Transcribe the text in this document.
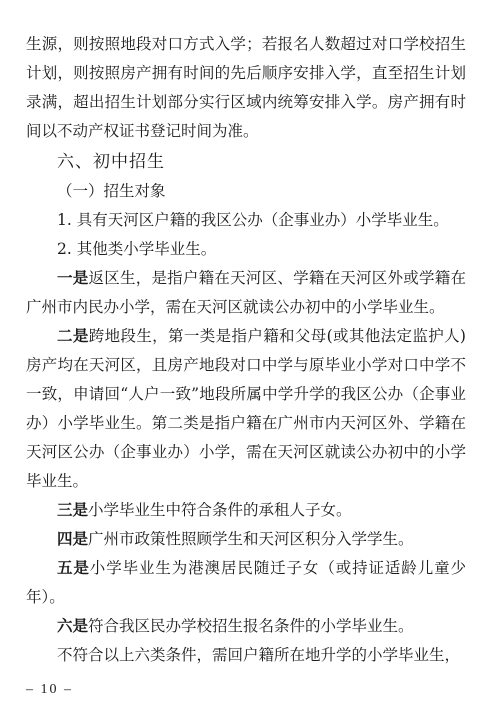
生源，则按照地段对口方式入学；若报名人数超过对口学校招生计划，则按照房产拥有时间的先后顺序安排入学，直至招生计划录满，超出招生计划部分实行区域内统筹安排入学。房产拥有时间以不动产权证书登记时间为准。

六、初中招生

（一）招生对象

1. 具有天河区户籍的我区公办（企事业办）小学毕业生。

2. 其他类小学毕业生。

一是返区生，是指户籍在天河区、学籍在天河区外或学籍在广州市内民办小学，需在天河区就读公办初中的小学毕业生。

二是跨地段生，第一类是指户籍和父母(或其他法定监护人)房产均在天河区，且房产地段对口中学与原毕业小学对口中学不一致，申请回“人户一致”地段所属中学升学的我区公办（企事业办）小学毕业生。第二类是指户籍在广州市内天河区外、学籍在天河区公办（企事业办）小学，需在天河区就读公办初中的小学毕业生。

三是小学毕业生中符合条件的承租人子女。

四是广州市政策性照顾学生和天河区积分入学学生。

五是小学毕业生为港澳居民随迁子女（或持证适龄儿童少年）。

六是符合我区民办学校招生报名条件的小学毕业生。

不符合以上六类条件，需回户籍所在地升学的小学毕业生，

– 10 –
